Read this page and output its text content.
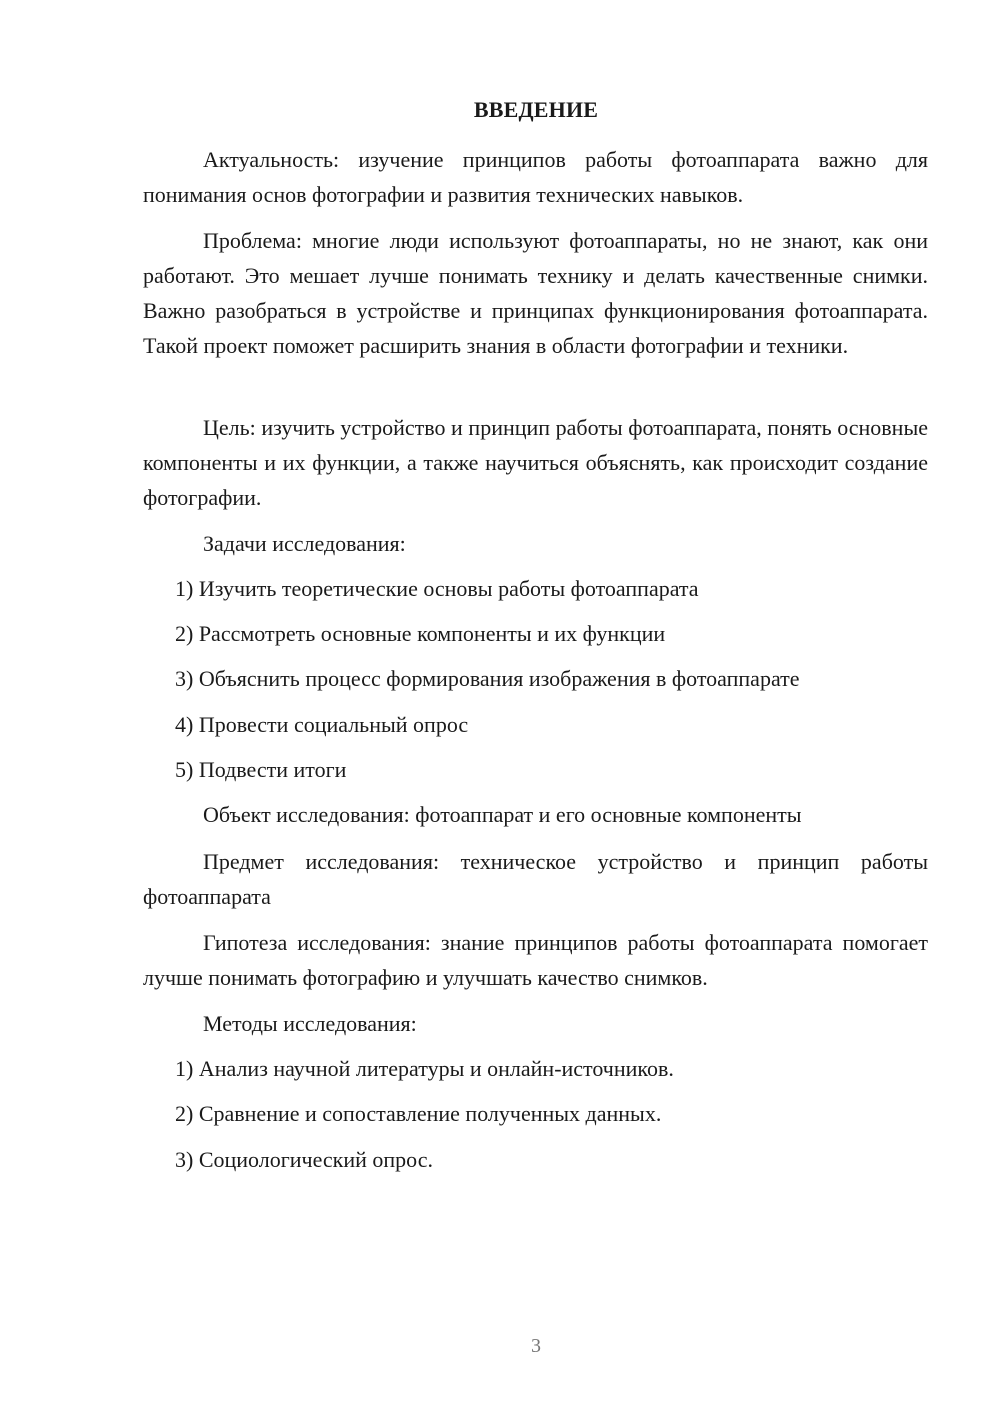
ВВЕДЕНИЕ
Актуальность: изучение принципов работы фотоаппарата важно для понимания основ фотографии и развития технических навыков.
Проблема: многие люди используют фотоаппараты, но не знают, как они работают. Это мешает лучше понимать технику и делать качественные снимки. Важно разобраться в устройстве и принципах функционирования фотоаппарата. Такой проект поможет расширить знания в области фотографии и техники.
Цель: изучить устройство и принцип работы фотоаппарата, понять основные компоненты и их функции, а также научиться объяснять, как происходит создание фотографии.
Задачи исследования:
1) Изучить теоретические основы работы фотоаппарата
2) Рассмотреть основные компоненты и их функции
3) Объяснить процесс формирования изображения в фотоаппарате
4) Провести социальный опрос
5) Подвести итоги
Объект исследования: фотоаппарат и его основные компоненты
Предмет исследования: техническое устройство и принцип работы фотоаппарата
Гипотеза исследования: знание принципов работы фотоаппарата помогает лучше понимать фотографию и улучшать качество снимков.
Методы исследования:
1) Анализ научной литературы и онлайн-источников.
2) Сравнение и сопоставление полученных данных.
3) Социологический опрос.
3
